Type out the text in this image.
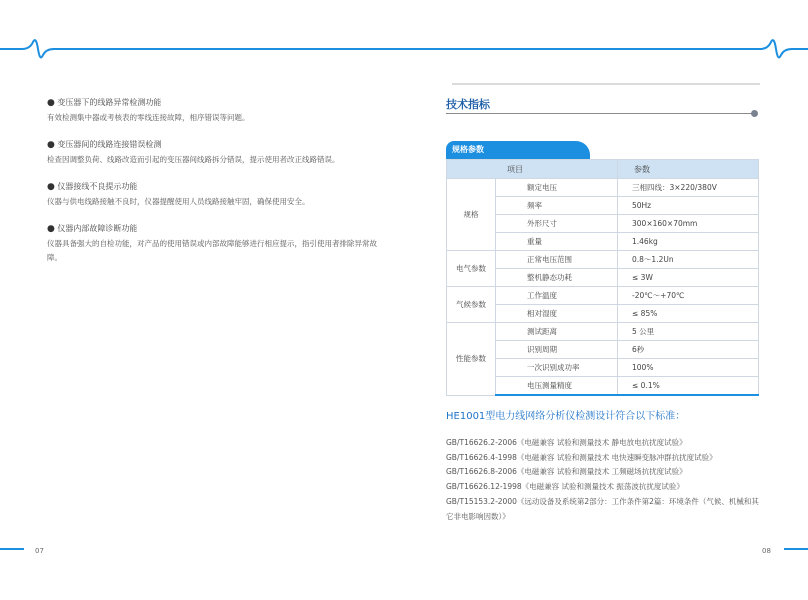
● 变压器下的线路异常检测功能
有效检测集中器或考核表的零线连接故障，相序错误等问题。
● 变压器间的线路连接错误检测
检查因调整负荷、线路改造而引起的变压器间线路拆分错误，提示使用者改正线路错误。
● 仪器接线不良提示功能
仪器与供电线路接触不良时，仪器提醒使用人员线路接触牢固，确保使用安全。
● 仪器内部故障诊断功能
仪器具备强大的自检功能，对产品的使用错误或内部故障能够进行相应提示，指引使用者排除异常故障。
07
技术指标
规格参数
项目		参数
规格	额定电压	三相四线：3×220/380V
	频率	50Hz
	外形尺寸	300×160×70mm
	重量	1.46kg
电气参数	正常电压范围	0.8～1.2Un
	整机静态功耗	≤ 3W
气候参数	工作温度	-20℃～+70℃
	相对湿度	≤ 85%
性能参数	测试距离	5 公里
	识别周期	6秒
	一次识别成功率	100%
	电压测量精度	≤ 0.1%
HE1001型电力线网络分析仪检测设计符合以下标准：
GB/T16626.2-2006《电磁兼容 试验和测量技术 静电放电抗扰度试验》
GB/T16626.4-1998《电磁兼容 试验和测量技术 电快速瞬变脉冲群抗扰度试验》
GB/T16626.8-2006《电磁兼容 试验和测量技术 工频磁场抗扰度试验》
GB/T16626.12-1998《电磁兼容 试验和测量技术 振荡波抗扰度试验》
GB/T15153.2-2000《远动设备及系统第2部分：工作条件第2篇：环境条件（气候、机械和其它非电影响因数）》
08
